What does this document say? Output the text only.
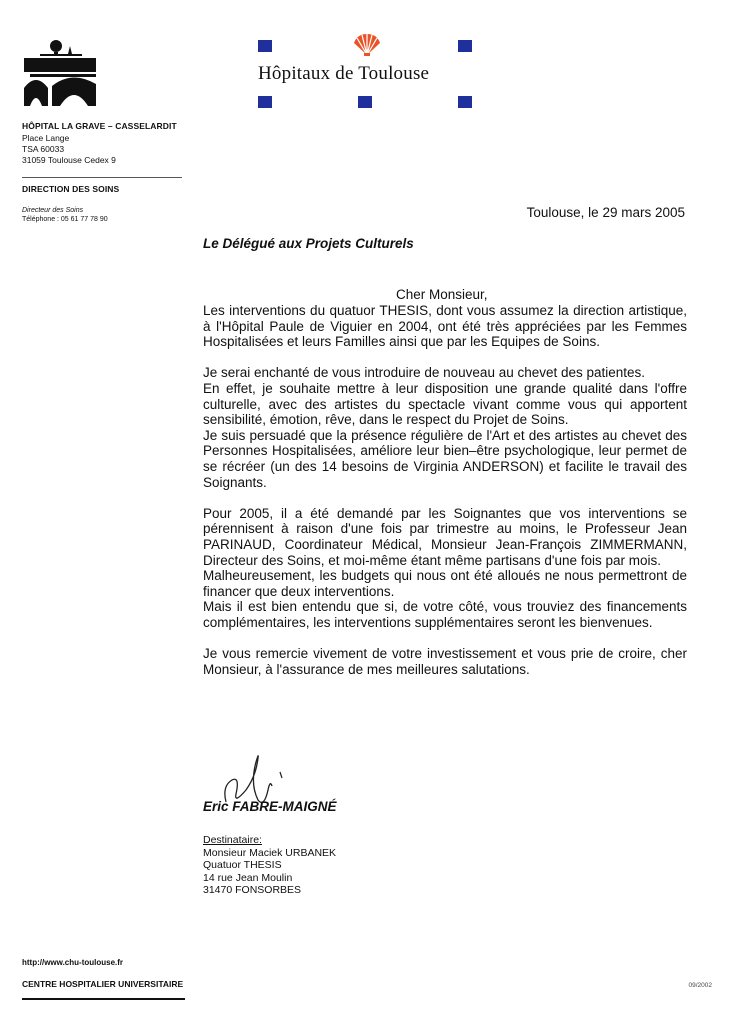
Hôpitaux de Toulouse
HÔPITAL LA GRAVE – CASSELARDIT
Place Lange
TSA 60033
31059 Toulouse Cedex 9
DIRECTION DES SOINS
Directeur des Soins
Téléphone : 05 61 77 78 90	Toulouse, le 29 mars 2005
Le Délégué aux Projets Culturels
Cher Monsieur,

Les interventions du quatuor THESIS, dont vous assumez la direction artistique, à l'Hôpital Paule de Viguier en 2004, ont été très appréciées par les Femmes Hospitalisées et leurs Familles ainsi que par les Equipes de Soins.

Je serai enchanté de vous introduire de nouveau au chevet des patientes.

En effet, je souhaite mettre à leur disposition une grande qualité dans l'offre culturelle, avec des artistes du spectacle vivant comme vous qui apportent sensibilité, émotion, rêve, dans le respect du Projet de Soins.

Je suis persuadé que la présence régulière de l'Art et des artistes au chevet des Personnes Hospitalisées, améliore leur bien–être psychologique, leur permet de se récréer (un des 14 besoins de Virginia ANDERSON) et facilite le travail des Soignants.

Pour 2005, il a été demandé par les Soignantes que vos interventions se pérennisent à raison d'une fois par trimestre au moins, le Professeur Jean PARINAUD, Coordinateur Médical, Monsieur Jean-François ZIMMERMANN, Directeur des Soins, et moi-même étant même partisans d'une fois par mois.

Malheureusement, les budgets qui nous ont été alloués ne nous permettront de financer que deux interventions.

Mais il est bien entendu que si, de votre côté, vous trouviez des financements complémentaires, les interventions supplémentaires seront les bienvenues.

Je vous remercie vivement de votre investissement et vous prie de croire, cher Monsieur, à l'assurance de mes meilleures salutations.

Eric FABRE-MAIGNÉ
Destinataire:
Monsieur Maciek URBANEK
Quatuor THESIS
14 rue Jean Moulin
31470 FONSORBES
http://www.chu-toulouse.fr
CENTRE HOSPITALIER UNIVERSITAIRE	09/2002
